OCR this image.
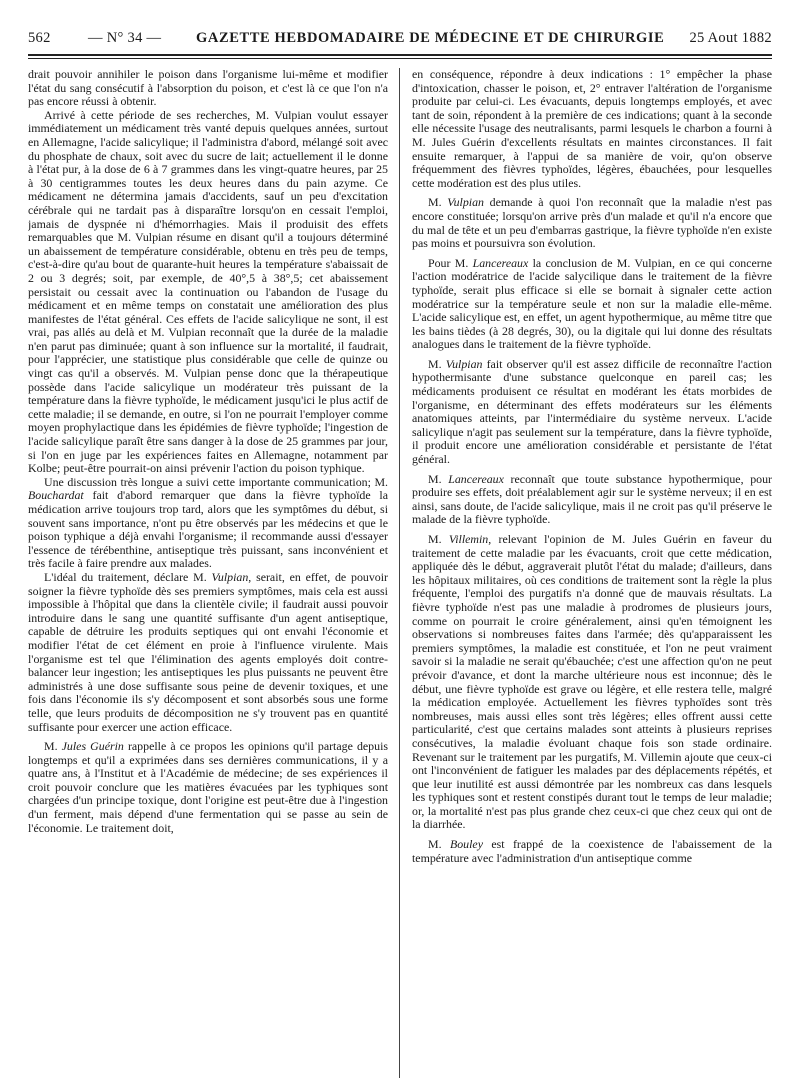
562	— N° 34 — GAZETTE HEBDOMADAIRE DE MÉDECINE ET DE CHIRURGIE 25 Aout 1882

drait pouvoir annihiler le poison dans l'organisme lui-même et modifier l'état du sang consécutif à l'absorption du poison, et c'est là ce que l'on n'a pas encore réussi à obtenir.

Arrivé à cette période de ses recherches, M. Vulpian voulut essayer immédiatement un médicament très vanté depuis quelques années, surtout en Allemagne, l'acide salicylique; il l'administra d'abord, mélangé soit avec du phosphate de chaux, soit avec du sucre de lait; actuellement il le donne à l'état pur, à la dose de 6 à 7 grammes dans les vingt-quatre heures, par 25 à 30 centigrammes toutes les deux heures dans du pain azyme. Ce médicament ne détermina jamais d'accidents, sauf un peu d'excitation cérébrale qui ne tardait pas à disparaître lorsqu'on en cessait l'emploi, jamais de dyspnée ni d'hémorrhagies. Mais il produisit des effets remarquables que M. Vulpian résume en disant qu'il a toujours déterminé un abaissement de température considérable, obtenu en très peu de temps, c'est-à-dire qu'au bout de quarante-huit heures la température s'abaissait de 2 ou 3 degrés; soit, par exemple, de 40°,5 à 38°,5; cet abaissement persistait ou cessait avec la continuation ou l'abandon de l'usage du médicament et en même temps on constatait une amélioration des plus manifestes de l'état général. Ces effets de l'acide salicylique ne sont, il est vrai, pas allés au delà et M. Vulpian reconnaît que la durée de la maladie n'en parut pas diminuée; quant à son influence sur la mortalité, il faudrait, pour l'apprécier, une statistique plus considérable que celle de quinze ou vingt cas qu'il a observés. M. Vulpian pense donc que la thérapeutique possède dans l'acide salicylique un modérateur très puissant de la température dans la fièvre typhoïde, le médicament jusqu'ici le plus actif de cette maladie; il se demande, en outre, si l'on ne pourrait l'employer comme moyen prophylactique dans les épidémies de fièvre typhoïde; l'ingestion de l'acide salicylique paraît être sans danger à la dose de 25 grammes par jour, si l'on en juge par les expériences faites en Allemagne, notamment par Kolbe; peut-être pourrait-on ainsi prévenir l'action du poison typhique.

Une discussion très longue a suivi cette importante communication; M. Bouchardat fait d'abord remarquer que dans la fièvre typhoïde la médication arrive toujours trop tard, alors que les symptômes du début, si souvent sans importance, n'ont pu être observés par les médecins et que le poison typhique a déjà envahi l'organisme; il recommande aussi d'essayer l'essence de térébenthine, antiseptique très puissant, sans inconvénient et très facile à faire prendre aux malades.

L'idéal du traitement, déclare M. Vulpian, serait, en effet, de pouvoir soigner la fièvre typhoïde dès ses premiers symptômes, mais cela est aussi impossible à l'hôpital que dans la clientèle civile; il faudrait aussi pouvoir introduire dans le sang une quantité suffisante d'un agent antiseptique, capable de détruire les produits septiques qui ont envahi l'économie et modifier l'état de cet élément en proie à l'influence virulente. Mais l'organisme est tel que l'élimination des agents employés doit contre-balancer leur ingestion; les antiseptiques les plus puissants ne peuvent être administrés à une dose suffisante sous peine de devenir toxiques, et une fois dans l'économie ils s'y décomposent et sont absorbés sous une forme telle, que leurs produits de décomposition ne s'y trouvent pas en quantité suffisante pour exercer une action efficace.

M. Jules Guérin rappelle à ce propos les opinions qu'il partage depuis longtemps et qu'il a exprimées dans ses dernières communications, il y a quatre ans, à l'Institut et à l'Académie de médecine; de ses expériences il croit pouvoir conclure que les matières évacuées par les typhiques sont chargées d'un principe toxique, dont l'origine est peut-être due à l'ingestion d'un ferment, mais dépend d'une fermentation qui se passe au sein de l'économie. Le traitement doit,

en conséquence, répondre à deux indications : 1° empêcher la phase d'intoxication, chasser le poison, et, 2° entraver l'altération de l'organisme produite par celui-ci. Les évacuants, depuis longtemps employés, et avec tant de soin, répondent à la première de ces indications; quant à la seconde elle nécessite l'usage des neutralisants, parmi lesquels le charbon a fourni à M. Jules Guérin d'excellents résultats en maintes circonstances. Il fait ensuite remarquer, à l'appui de sa manière de voir, qu'on observe fréquemment des fièvres typhoïdes, légères, ébauchées, pour lesquelles cette modération est des plus utiles.

M. Vulpian demande à quoi l'on reconnaît que la maladie n'est pas encore constituée; lorsqu'on arrive près d'un malade et qu'il n'a encore que du mal de tête et un peu d'embarras gastrique, la fièvre typhoïde n'en existe pas moins et poursuivra son évolution.

Pour M. Lancereaux la conclusion de M. Vulpian, en ce qui concerne l'action modératrice de l'acide salycilique dans le traitement de la fièvre typhoïde, serait plus efficace si elle se bornait à signaler cette action modératrice sur la température seule et non sur la maladie elle-même. L'acide salicylique est, en effet, un agent hypothermique, au même titre que les bains tièdes (à 28 degrés, 30), ou la digitale qui lui donne des résultats analogues dans le traitement de la fièvre typhoïde.

M. Vulpian fait observer qu'il est assez difficile de reconnaître l'action hypothermisante d'une substance quelconque en pareil cas; les médicaments produisent ce résultat en modérant les états morbides de l'organisme, en déterminant des effets modérateurs sur les éléments anatomiques atteints, par l'intermédiaire du système nerveux. L'acide salicylique n'agit pas seulement sur la température, dans la fièvre typhoïde, il produit encore une amélioration considérable et persistante de l'état général.

M. Lancereaux reconnaît que toute substance hypothermique, pour produire ses effets, doit préalablement agir sur le système nerveux; il en est ainsi, sans doute, de l'acide salicylique, mais il ne croit pas qu'il préserve le malade de la fièvre typhoïde.

M. Villemin, relevant l'opinion de M. Jules Guérin en faveur du traitement de cette maladie par les évacuants, croit que cette médication, appliquée dès le début, aggraverait plutôt l'état du malade; d'ailleurs, dans les hôpitaux militaires, où ces conditions de traitement sont la règle la plus fréquente, l'emploi des purgatifs n'a donné que de mauvais résultats. La fièvre typhoïde n'est pas une maladie à prodromes de plusieurs jours, comme on pourrait le croire généralement, ainsi qu'en témoignent les observations si nombreuses faites dans l'armée; dès qu'apparaissent les premiers symptômes, la maladie est constituée, et l'on ne peut vraiment savoir si la maladie ne serait qu'ébauchée; c'est une affection qu'on ne peut prévoir d'avance, et dont la marche ultérieure nous est inconnue; dès le début, une fièvre typhoïde est grave ou légère, et elle restera telle, malgré la médication employée. Actuellement les fièvres typhoïdes sont très nombreuses, mais aussi elles sont très légères; elles offrent aussi cette particularité, c'est que certains malades sont atteints à plusieurs reprises consécutives, la maladie évoluant chaque fois son stade ordinaire. Revenant sur le traitement par les purgatifs, M. Villemin ajoute que ceux-ci ont l'inconvénient de fatiguer les malades par des déplacements répétés, et que leur inutilité est aussi démontrée par les nombreux cas dans lesquels les typhiques sont et restent constipés durant tout le temps de leur maladie; or, la mortalité n'est pas plus grande chez ceux-ci que chez ceux qui ont de la diarrhée.

M. Bouley est frappé de la coexistence de l'abaissement de la température avec l'administration d'un antiseptique comme
